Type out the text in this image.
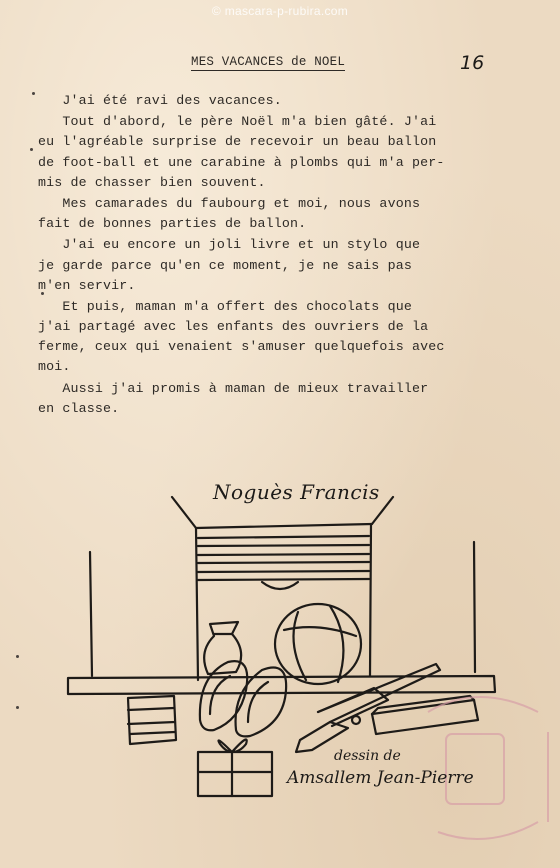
© mascara-p-rubira.com
MES VACANCES de NOEL	16
J'ai été ravi des vacances.
Tout d'abord, le père Noël m'a bien gâté. J'ai
eu l'agréable surprise de recevoir un beau ballon
de foot-ball et une carabine à plombs qui m'a per-
mis de chasser bien souvent.
Mes camarades du faubourg et moi, nous avons
fait de bonnes parties de ballon.
J'ai eu encore un joli livre et un stylo que
je garde parce qu'en ce moment, je ne sais pas
m'en servir.
Et puis, maman m'a offert des chocolats que
j'ai partagé avec les enfants des ouvriers de la
ferme, ceux qui venaient s'amuser quelquefois avec
moi.
Aussi j'ai promis à maman de mieux travailler
en classe.
Noguès Francis
dessin de
Amsallem Jean-Pierre
